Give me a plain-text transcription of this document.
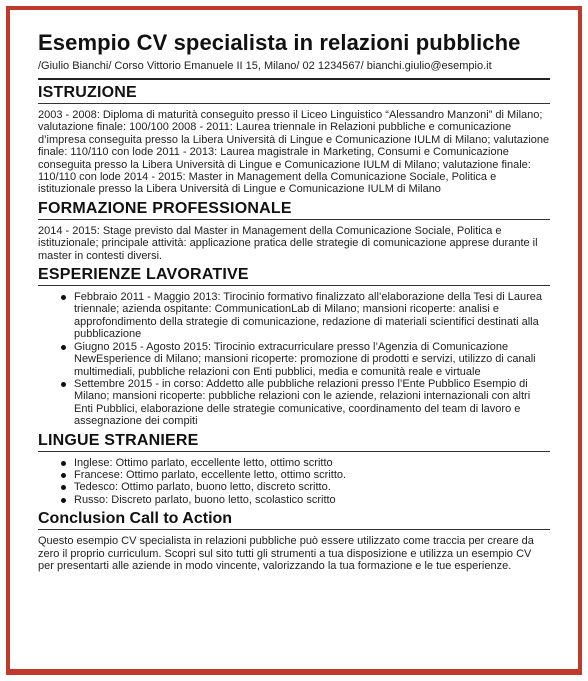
Esempio CV specialista in relazioni pubbliche
/Giulio Bianchi/ Corso Vittorio Emanuele II 15, Milano/ 02 1234567/ bianchi.giulio@esempio.it
ISTRUZIONE

2003 - 2008: Diploma di maturità conseguito presso il Liceo Linguistico “Alessandro Manzoni” di Milano; valutazione finale: 100/100 2008 - 2011: Laurea triennale in Relazioni pubbliche e comunicazione d’impresa conseguita presso la Libera Università di Lingue e Comunicazione IULM di Milano; valutazione finale: 110/110 con lode 2011 - 2013: Laurea magistrale in Marketing, Consumi e Comunicazione conseguita presso la Libera Università di Lingue e Comunicazione IULM di Milano; valutazione finale: 110/110 con lode 2014 - 2015: Master in Management della Comunicazione Sociale, Politica e istituzionale presso la Libera Università di Lingue e Comunicazione IULM di Milano

FORMAZIONE PROFESSIONALE

2014 - 2015: Stage previsto dal Master in Management della Comunicazione Sociale, Politica e istituzionale; principale attività: applicazione pratica delle strategie di comunicazione apprese durante il master in contesti diversi.

ESPERIENZE LAVORATIVE
Febbraio 2011 - Maggio 2013: Tirocinio formativo finalizzato all’elaborazione della Tesi di Laurea triennale; azienda ospitante: CommunicationLab di Milano; mansioni ricoperte: analisi e approfondimento della strategie di comunicazione, redazione di materiali scientifici destinati alla pubblicazione
Giugno 2015 - Agosto 2015: Tirocinio extracurriculare presso l’Agenzia di Comunicazione NewEsperience di Milano; mansioni ricoperte: promozione di prodotti e servizi, utilizzo di canali multimediali, pubbliche relazioni con Enti pubblici, media e comunità reale e virtuale
Settembre 2015 - in corso: Addetto alle pubbliche relazioni presso l’Ente Pubblico Esempio di Milano; mansioni ricoperte: pubbliche relazioni con le aziende, relazioni internazionali con altri Enti Pubblici, elaborazione delle strategie comunicative, coordinamento del team di lavoro e assegnazione dei compiti
LINGUE STRANIERE
Inglese: Ottimo parlato, eccellente letto, ottimo scritto
Francese: Ottimo parlato, eccellente letto, ottimo scritto.
Tedesco: Ottimo parlato, buono letto, discreto scritto.
Russo: Discreto parlato, buono letto, scolastico scritto
Conclusion Call to Action

Questo esempio CV specialista in relazioni pubbliche può essere utilizzato come traccia per creare da zero il proprio curriculum. Scopri sul sito tutti gli strumenti a tua disposizione e utilizza un esempio CV per presentarti alle aziende in modo vincente, valorizzando la tua formazione e le tue esperienze.
